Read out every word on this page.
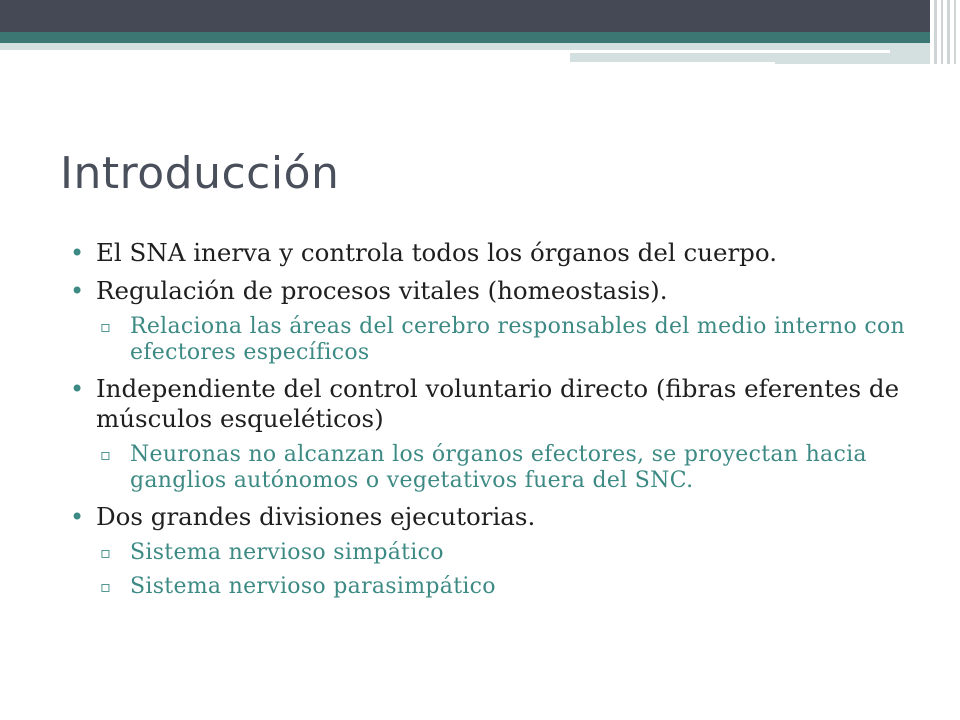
Introducción
• El SNA inerva y controla todos los órganos del cuerpo.
• Regulación de procesos vitales (homeostasis).
▫ Relaciona las áreas del cerebro responsables del medio interno con efectores específicos
• Independiente del control voluntario directo (fibras eferentes de músculos esqueléticos)
▫ Neuronas no alcanzan los órganos efectores, se proyectan hacia ganglios autónomos o vegetativos fuera del SNC.
• Dos grandes divisiones ejecutorias.
▫ Sistema nervioso simpático
▫ Sistema nervioso parasimpático
